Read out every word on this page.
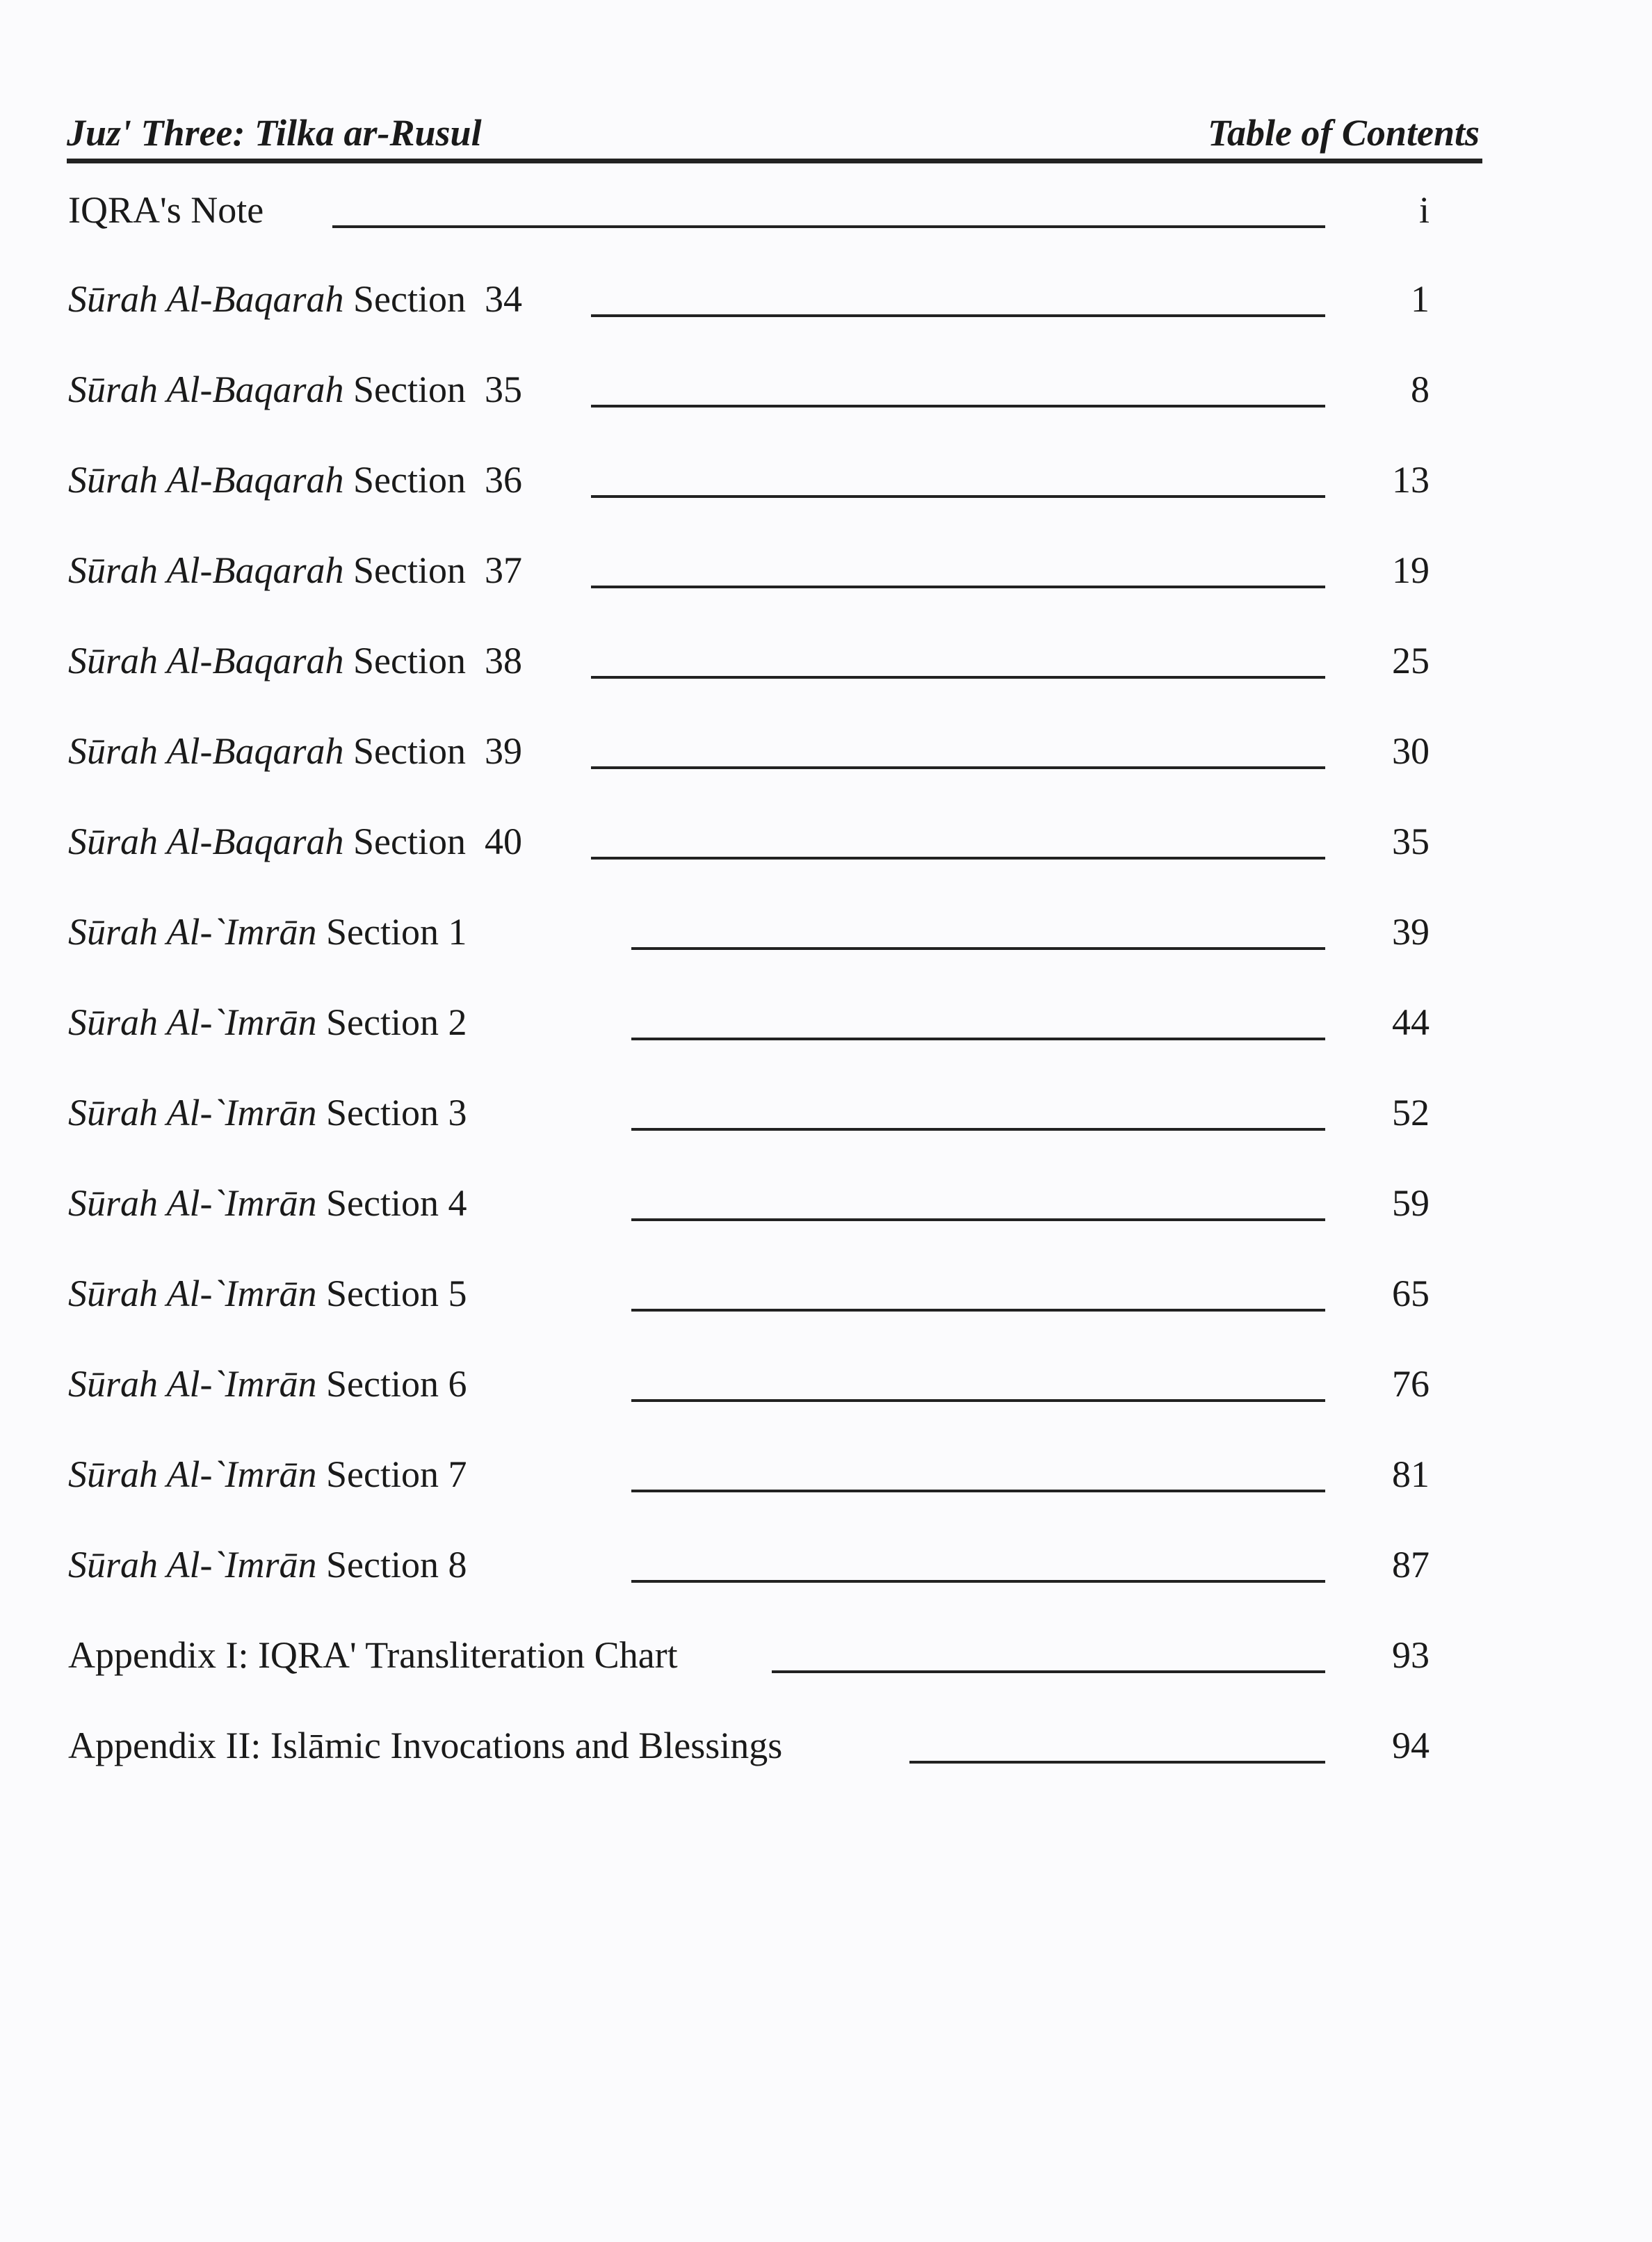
Juz' Three: Tilka ar-Rusul	Table of Contents
IQRA's Note	i
Sūrah Al-Baqarah Section  34	1
Sūrah Al-Baqarah Section  35	8
Sūrah Al-Baqarah Section  36	13
Sūrah Al-Baqarah Section  37	19
Sūrah Al-Baqarah Section  38	25
Sūrah Al-Baqarah Section  39	30
Sūrah Al-Baqarah Section  40	35
Sūrah Al-`Imrān Section 1	39
Sūrah Al-`Imrān Section 2	44
Sūrah Al-`Imrān Section 3	52
Sūrah Al-`Imrān Section 4	59
Sūrah Al-`Imrān Section 5	65
Sūrah Al-`Imrān Section 6	76
Sūrah Al-`Imrān Section 7	81
Sūrah Al-`Imrān Section 8	87
Appendix I: IQRA' Transliteration Chart	93
Appendix II: Islāmic Invocations and Blessings	94
